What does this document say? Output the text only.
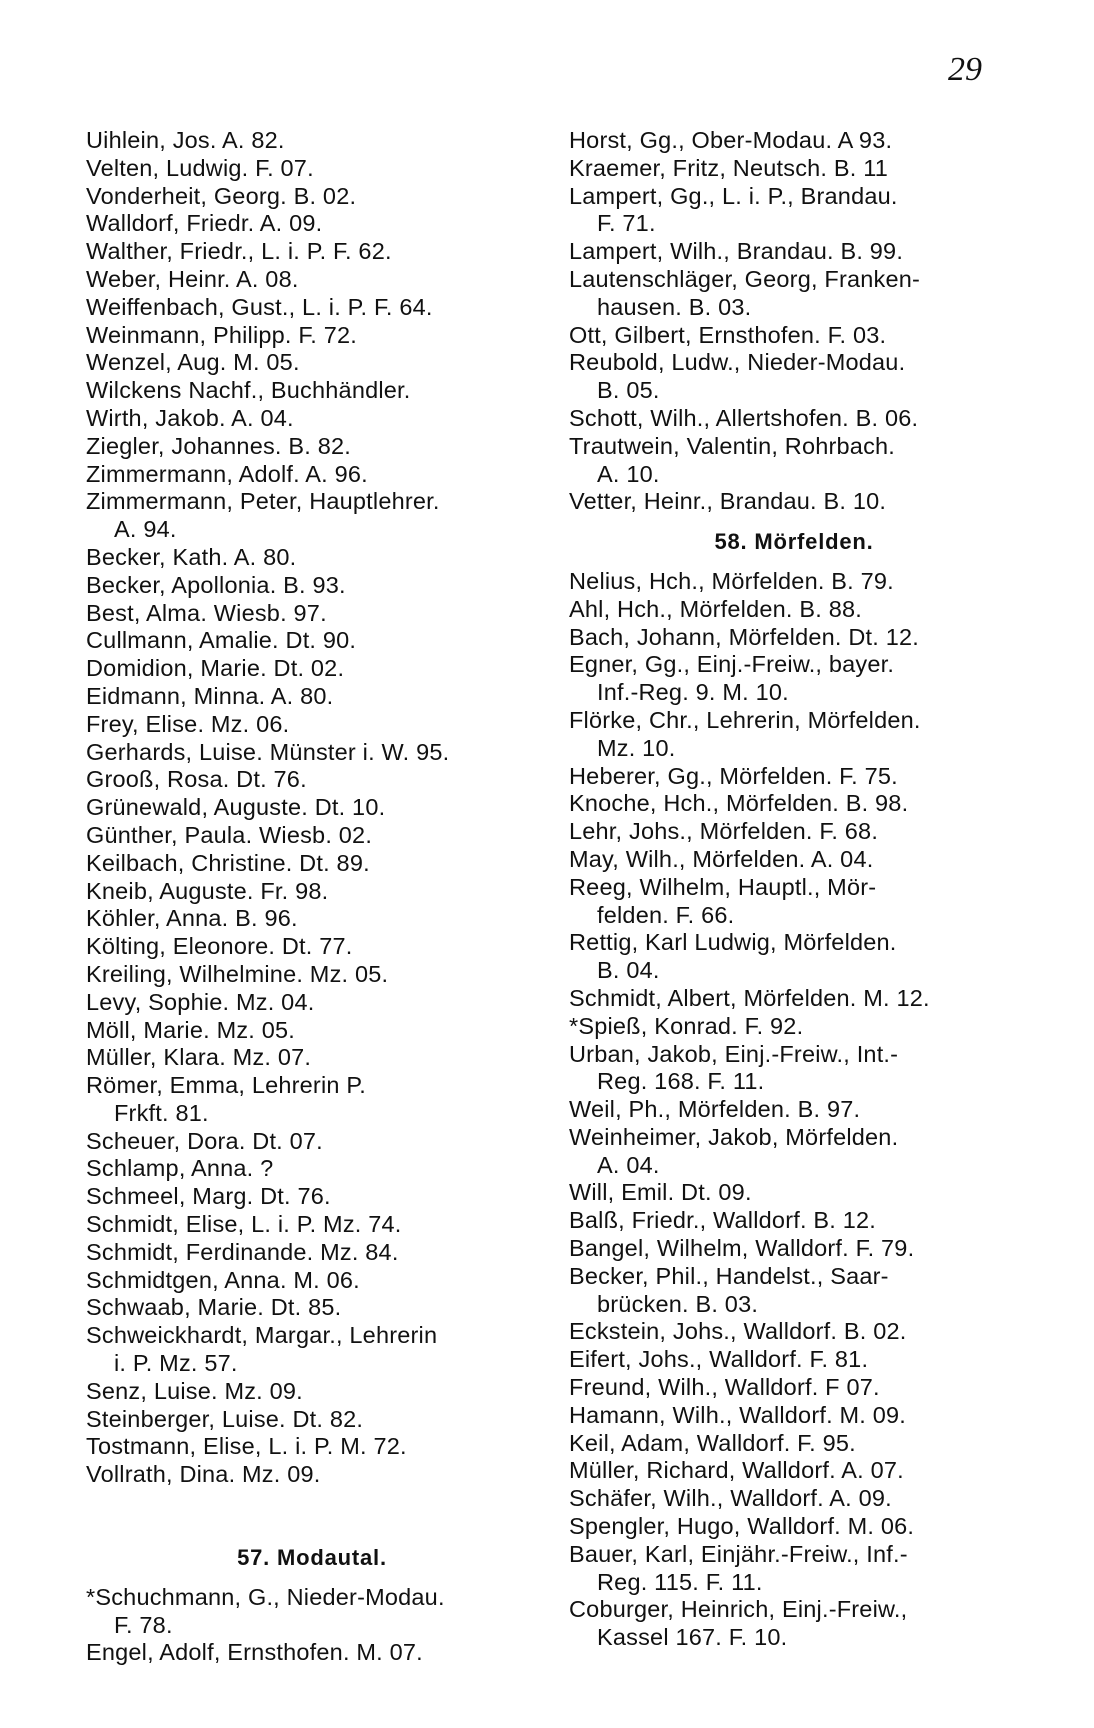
29
Uihlein, Jos. A. 82.
Velten, Ludwig. F. 07.
Vonderheit, Georg. B. 02.
Walldorf, Friedr. A. 09.
Walther, Friedr., L. i. P. F. 62.
Weber, Heinr. A. 08.
Weiffenbach, Gust., L. i. P. F. 64.
Weinmann, Philipp. F. 72.
Wenzel, Aug. M. 05.
Wilckens Nachf., Buchhändler.
Wirth, Jakob. A. 04.
Ziegler, Johannes. B. 82.
Zimmermann, Adolf. A. 96.
Zimmermann, Peter, Hauptlehrer.
A. 94.
Becker, Kath. A. 80.
Becker, Apollonia. B. 93.
Best, Alma. Wiesb. 97.
Cullmann, Amalie. Dt. 90.
Domidion, Marie. Dt. 02.
Eidmann, Minna. A. 80.
Frey, Elise. Mz. 06.
Gerhards, Luise. Münster i. W. 95.
Grooß, Rosa. Dt. 76.
Grünewald, Auguste. Dt. 10.
Günther, Paula. Wiesb. 02.
Keilbach, Christine. Dt. 89.
Kneib, Auguste. Fr. 98.
Köhler, Anna. B. 96.
Költing, Eleonore. Dt. 77.
Kreiling, Wilhelmine. Mz. 05.
Levy, Sophie. Mz. 04.
Möll, Marie. Mz. 05.
Müller, Klara. Mz. 07.
Römer, Emma, Lehrerin P.
Frkft. 81.
Scheuer, Dora. Dt. 07.
Schlamp, Anna. ?
Schmeel, Marg. Dt. 76.
Schmidt, Elise, L. i. P. Mz. 74.
Schmidt, Ferdinande. Mz. 84.
Schmidtgen, Anna. M. 06.
Schwaab, Marie. Dt. 85.
Schweickhardt, Margar., Lehrerin
i. P. Mz. 57.
Senz, Luise. Mz. 09.
Steinberger, Luise. Dt. 82.
Tostmann, Elise, L. i. P. M. 72.
Vollrath, Dina. Mz. 09.
57. Modautal.
*Schuchmann, G., Nieder-Modau.
F. 78.
Engel, Adolf, Ernsthofen. M. 07.
Horst, Gg., Ober-Modau. A 93.
Kraemer, Fritz, Neutsch. B. 11
Lampert, Gg., L. i. P., Brandau.
F. 71.
Lampert, Wilh., Brandau. B. 99.
Lautenschläger, Georg, Franken-
hausen. B. 03.
Ott, Gilbert, Ernsthofen. F. 03.
Reubold, Ludw., Nieder-Modau.
B. 05.
Schott, Wilh., Allertshofen. B. 06.
Trautwein, Valentin, Rohrbach.
A. 10.
Vetter, Heinr., Brandau. B. 10.
58. Mörfelden.
Nelius, Hch., Mörfelden. B. 79.
Ahl, Hch., Mörfelden. B. 88.
Bach, Johann, Mörfelden. Dt. 12.
Egner, Gg., Einj.-Freiw., bayer.
Inf.-Reg. 9. M. 10.
Flörke, Chr., Lehrerin, Mörfelden.
Mz. 10.
Heberer, Gg., Mörfelden. F. 75.
Knoche, Hch., Mörfelden. B. 98.
Lehr, Johs., Mörfelden. F. 68.
May, Wilh., Mörfelden. A. 04.
Reeg, Wilhelm, Hauptl., Mör-
felden. F. 66.
Rettig, Karl Ludwig, Mörfelden.
B. 04.
Schmidt, Albert, Mörfelden. M. 12.
*Spieß, Konrad. F. 92.
Urban, Jakob, Einj.-Freiw., Int.-
Reg. 168. F. 11.
Weil, Ph., Mörfelden. B. 97.
Weinheimer, Jakob, Mörfelden.
A. 04.
Will, Emil. Dt. 09.
Balß, Friedr., Walldorf. B. 12.
Bangel, Wilhelm, Walldorf. F. 79.
Becker, Phil., Handelst., Saar-
brücken. B. 03.
Eckstein, Johs., Walldorf. B. 02.
Eifert, Johs., Walldorf. F. 81.
Freund, Wilh., Walldorf. F 07.
Hamann, Wilh., Walldorf. M. 09.
Keil, Adam, Walldorf. F. 95.
Müller, Richard, Walldorf. A. 07.
Schäfer, Wilh., Walldorf. A. 09.
Spengler, Hugo, Walldorf. M. 06.
Bauer, Karl, Einjähr.-Freiw., Inf.-
Reg. 115. F. 11.
Coburger, Heinrich, Einj.-Freiw.,
Kassel 167. F. 10.
